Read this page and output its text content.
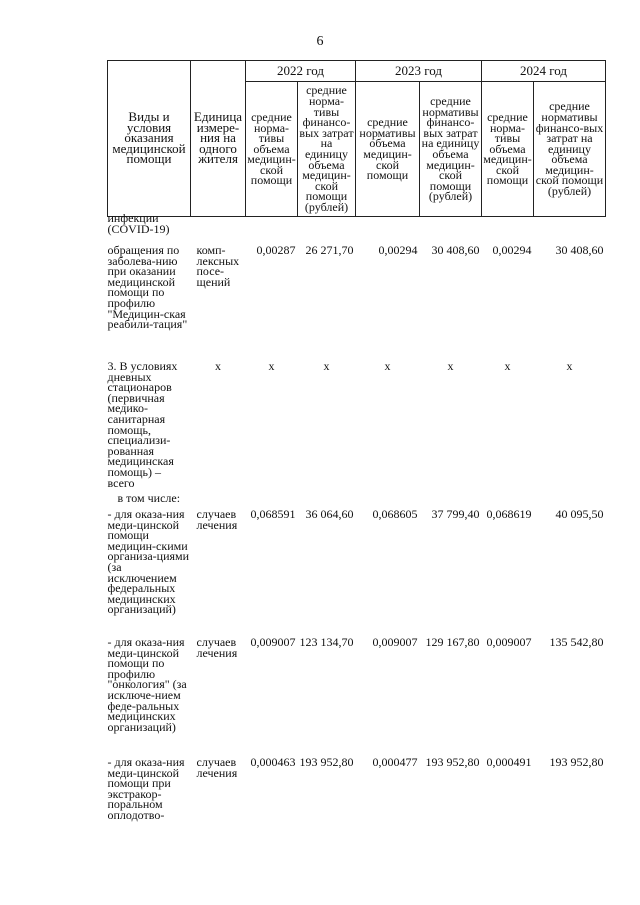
6
Виды и условия оказания медицинской помощи	Единица измере-ния на одного жителя	2022 год		2023 год		2024 год	
		средние норма-тивы объема медицин-ской помощи	средние норма-тивы финансо-вых затрат на единицу объема медицин-ской помощи (рублей)	средние нормативы объема медицин-ской помощи	средние нормативы финансо-вых затрат на единицу объема медицин-ской помощи (рублей)	средние норма-тивы объема медицин-ской помощи	средние нормативы финансо-вых затрат на единицу объема медицин-ской помощи (рублей)

инфекции (COVID-19)							

обращения по заболева-нию при оказании медицинской помощи по профилю "Медицин-ская реабили-тация"	комп-лексных посе-щений	0,00287	26 271,70	0,00294	30 408,60	0,00294	30 408,60
3. В условиях дневных стационаров (первичная медико-санитарная помощь, специализи-рованная медицинская помощь) – всего	х	х	х	х	х	х	х

в том числе:							

- для оказа-ния меди-цинской помощи медицин-скими организа-циями (за исключением федеральных медицинских организаций)	случаев лечения	0,068591	36 064,60	0,068605	37 799,40	0,068619	40 095,50
- для оказа-ния меди-цинской помощи по профилю "онкология" (за исключе-нием феде-ральных медицинских организаций)	случаев лечения	0,009007	123 134,70	0,009007	129 167,80	0,009007	135 542,80
- для оказа-ния меди-цинской помощи при экстракор-поральном оплодотво-	случаев лечения	0,000463	193 952,80	0,000477	193 952,80	0,000491	193 952,80
